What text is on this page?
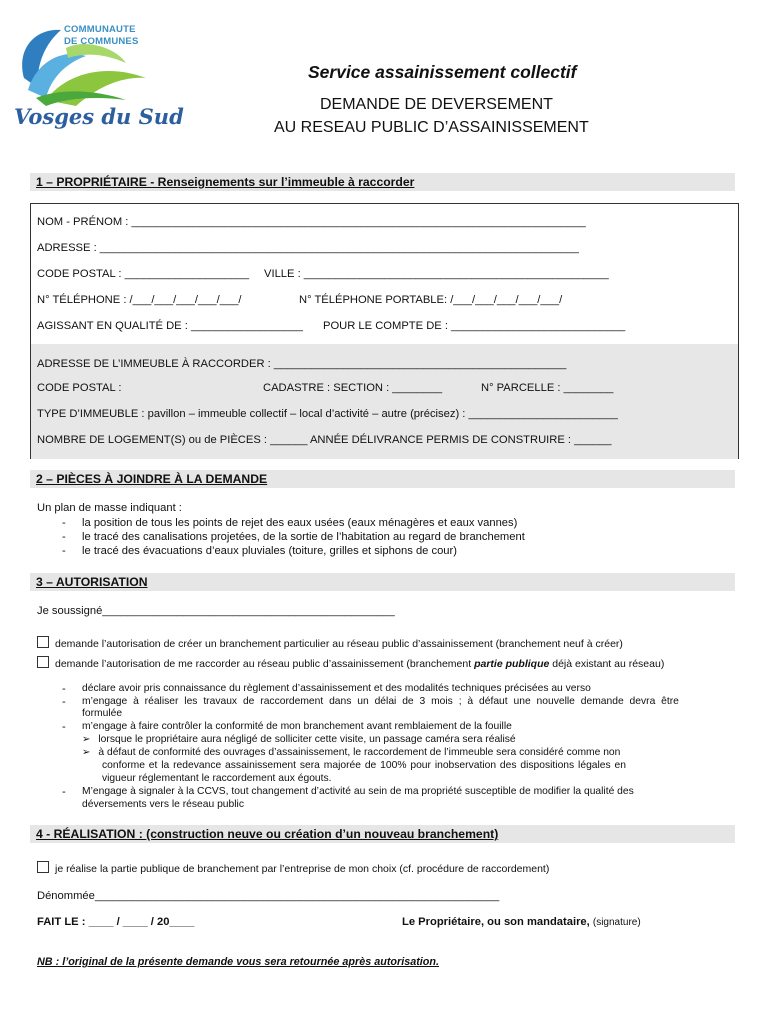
COMMUNAUTE
DE COMMUNES
Vosges du Sud
Service assainissement collectif
DEMANDE DE DEVERSEMENT
AU RESEAU PUBLIC D’ASSAINISSEMENT
1 – PROPRIÉTAIRE - Renseignements sur l’immeuble à raccorder
NOM - PRÉNOM : _________________________________________________________________________
ADRESSE : _____________________________________________________________________________
CODE POSTAL : ____________________ VILLE : _________________________________________________
N° TÉLÉPHONE : /___/___/___/___/___/	N° TÉLÉPHONE PORTABLE: /___/___/___/___/___/
AGISSANT EN QUALITÉ DE : __________________ POUR LE COMPTE DE : ____________________________
ADRESSE DE L’IMMEUBLE À RACCORDER : _______________________________________________
CODE POSTAL :	CADASTRE : SECTION : ________	N° PARCELLE : ________
TYPE D’IMMEUBLE : pavillon – immeuble collectif – local d’activité – autre (précisez) : ________________________
NOMBRE DE LOGEMENT(S) ou de PIÈCES : ______ ANNÉE DÉLIVRANCE PERMIS DE CONSTRUIRE : ______
2 – PIÈCES À JOINDRE À LA DEMANDE
Un plan de masse indiquant :
- la position de tous les points de rejet des eaux usées (eaux ménagères et eaux vannes)
- le tracé des canalisations projetées, de la sortie de l’habitation au regard de branchement
- le tracé des évacuations d’eaux pluviales (toiture, grilles et siphons de cour)
3 – AUTORISATION
Je soussigné_______________________________________________
demande l’autorisation de créer un branchement particulier au réseau public d’assainissement (branchement neuf à créer)
demande l’autorisation de me raccorder au réseau public d’assainissement (branchement partie publique déjà existant au réseau)
- déclare avoir pris connaissance du règlement d’assainissement et des modalités techniques précisées au verso
- m’engage à réaliser les travaux de raccordement dans un délai de 3 mois ; à défaut une nouvelle demande devra être
formulée
- m’engage à faire contrôler la conformité de mon branchement avant remblaiement de la fouille
➢ lorsque le propriétaire aura négligé de solliciter cette visite, un passage caméra sera réalisé
➢ à défaut de conformité des ouvrages d’assainissement, le raccordement de l’immeuble sera considéré comme non
conforme et la redevance assainissement sera majorée de 100% pour inobservation des dispositions légales en
vigueur réglementant le raccordement aux égouts.
- M’engage à signaler à la CCVS, tout changement d’activité au sein de ma propriété susceptible de modifier la qualité des
déversements vers le réseau public
4 - RÉALISATION : (construction neuve ou création d’un nouveau branchement)
je réalise la partie publique de branchement par l’entreprise de mon choix (cf. procédure de raccordement)
Dénommée_________________________________________________________________
FAIT LE : ____ / ____ / 20____	Le Propriétaire, ou son mandataire, (signature)
NB : l’original de la présente demande vous sera retournée après autorisation.
